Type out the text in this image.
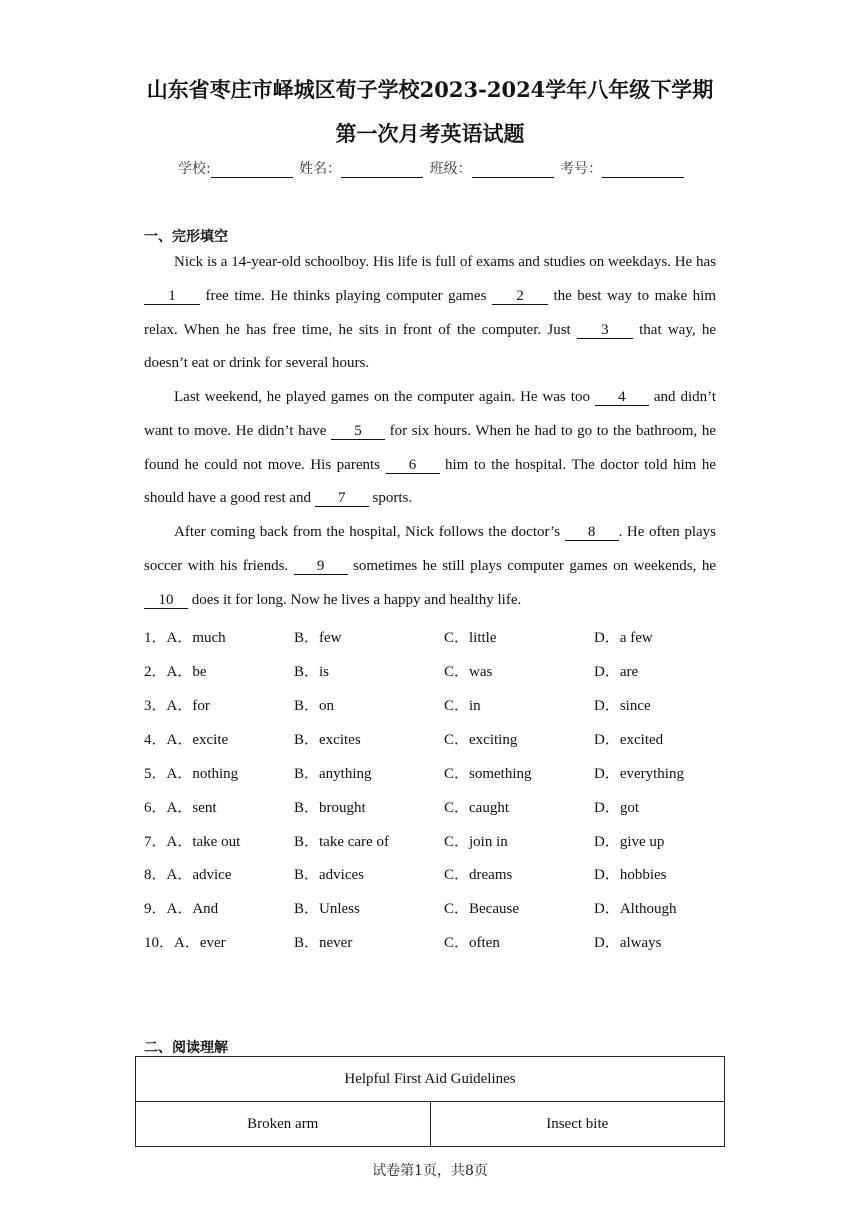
山东省枣庄市峄城区荀子学校2023-2024学年八年级下学期
第一次月考英语试题
学校:	姓名：	班级：	考号：
一、完形填空
Nick is a 14-year-old schoolboy. His life is full of exams and studies on weekdays. He has 1 free time. He thinks playing computer games 2 the best way to make him relax. When he has free time, he sits in front of the computer. Just 3 that way, he doesn’t eat or drink for several hours.
Last weekend, he played games on the computer again. He was too 4 and didn’t want to move. He didn’t have 5 for six hours. When he had to go to the bathroom, he found he could not move. His parents 6 him to the hospital. The doctor told him he should have a good rest and 7 sports.
After coming back from the hospital, Nick follows the doctor’s 8 . He often plays soccer with his friends. 9 sometimes he still plays computer games on weekends, he 10 does it for long. Now he lives a happy and healthy life.
1．A．much	B．few	C．little	D．a few
2．A．be	B．is	C．was	D．are
3．A．for	B．on	C．in	D．since
4．A．excite	B．excites	C．exciting	D．excited
5．A．nothing	B．anything	C．something	D．everything
6．A．sent	B．brought	C．caught	D．got
7．A．take out	B．take care of	C．join in	D．give up
8．A．advice	B．advices	C．dreams	D．hobbies
9．A．And	B．Unless	C．Because	D．Although
10．A．ever	B．never	C．often	D．always
二、阅读理解
Helpful First Aid Guidelines
Broken arm	Insect bite
试卷第1页，共8页
